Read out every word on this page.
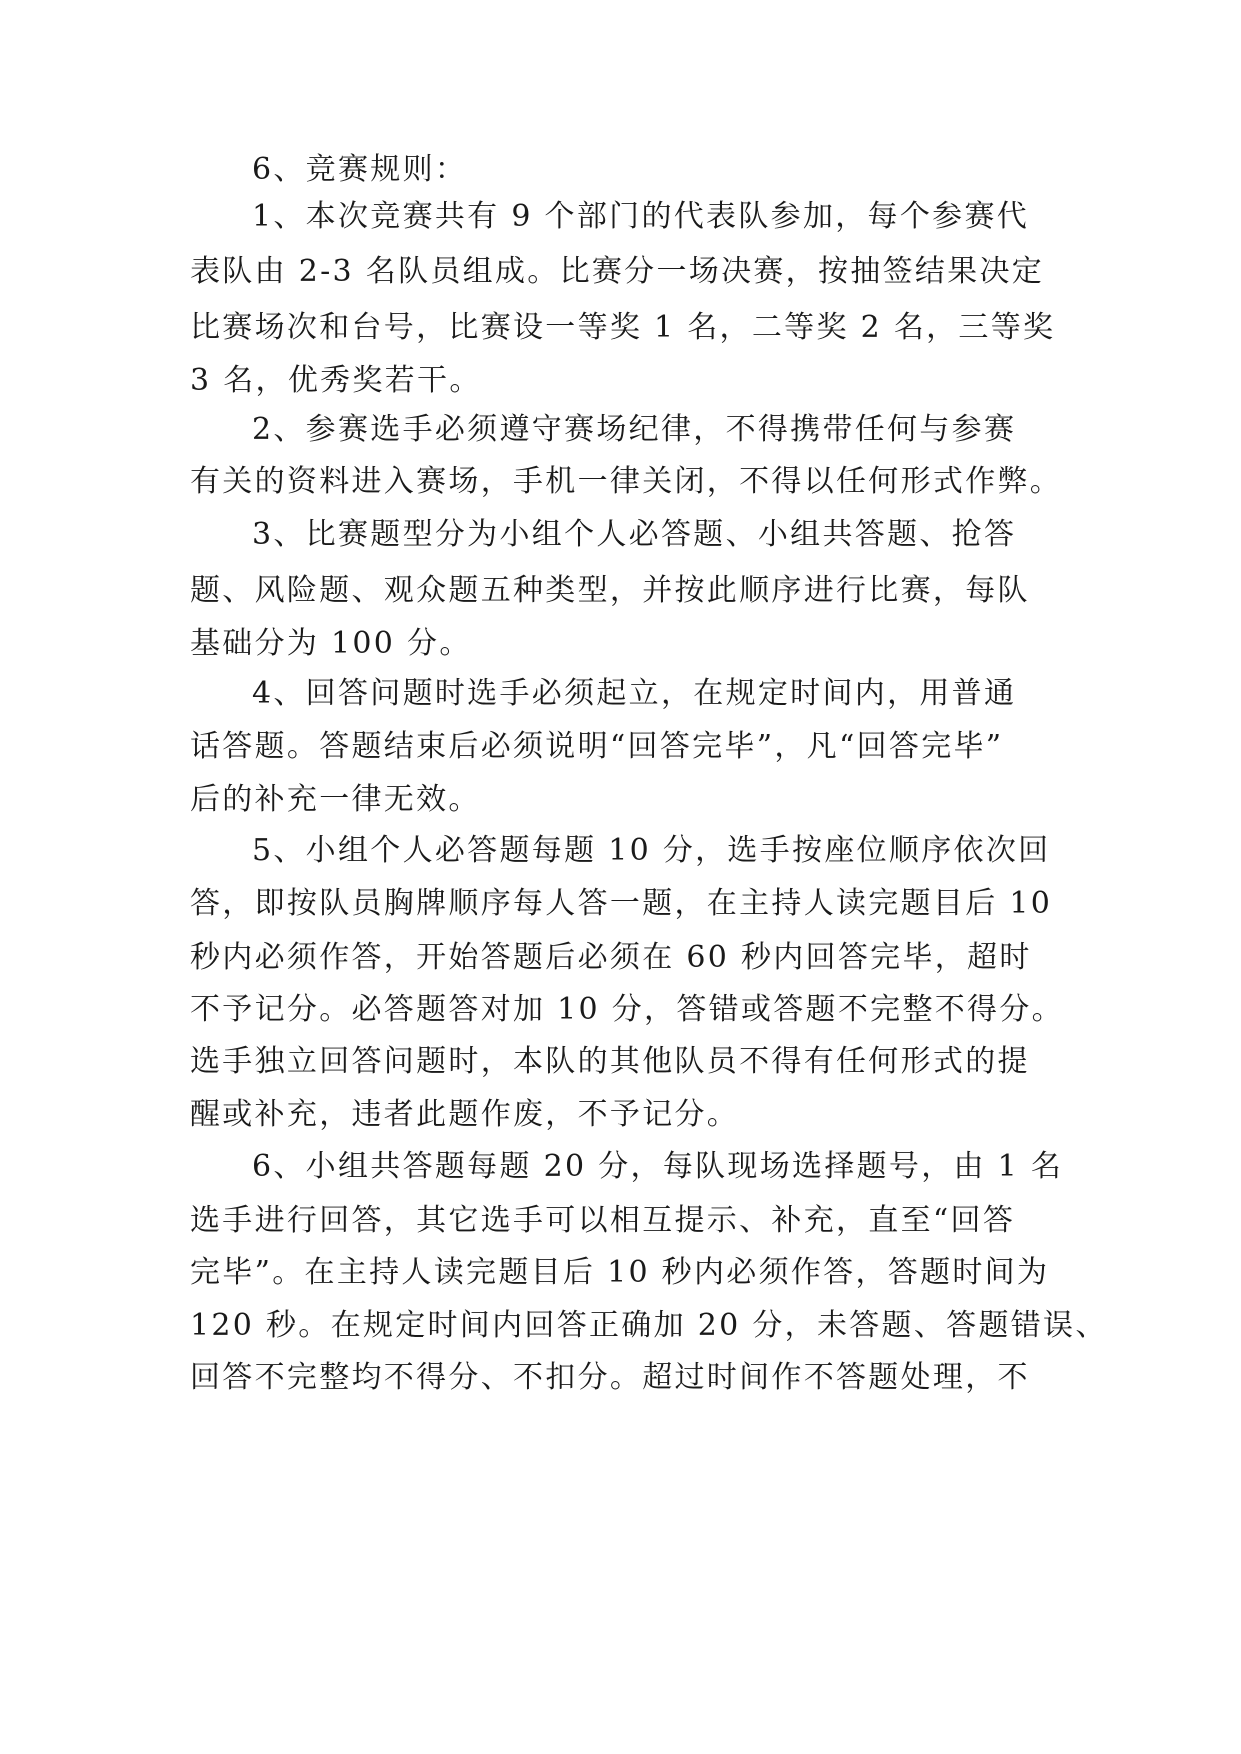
6、竞赛规则：
1、本次竞赛共有 9 个部门的代表队参加，每个参赛代
表队由 2-3 名队员组成。比赛分一场决赛，按抽签结果决定
比赛场次和台号，比赛设一等奖 1 名，二等奖 2 名，三等奖
3 名，优秀奖若干。
2、参赛选手必须遵守赛场纪律，不得携带任何与参赛
有关的资料进入赛场，手机一律关闭，不得以任何形式作弊。
3、比赛题型分为小组个人必答题、小组共答题、抢答
题、风险题、观众题五种类型，并按此顺序进行比赛，每队
基础分为 100 分。
4、回答问题时选手必须起立，在规定时间内，用普通
话答题。答题结束后必须说明“回答完毕”，凡“回答完毕”
后的补充一律无效。
5、小组个人必答题每题 10 分，选手按座位顺序依次回
答，即按队员胸牌顺序每人答一题，在主持人读完题目后 10
秒内必须作答，开始答题后必须在 60 秒内回答完毕，超时
不予记分。必答题答对加 10 分，答错或答题不完整不得分。
选手独立回答问题时，本队的其他队员不得有任何形式的提
醒或补充，违者此题作废，不予记分。
6、小组共答题每题 20 分，每队现场选择题号，由 1 名
选手进行回答，其它选手可以相互提示、补充，直至“回答
完毕”。在主持人读完题目后 10 秒内必须作答，答题时间为
120 秒。在规定时间内回答正确加 20 分，未答题、答题错误、
回答不完整均不得分、不扣分。超过时间作不答题处理，不
